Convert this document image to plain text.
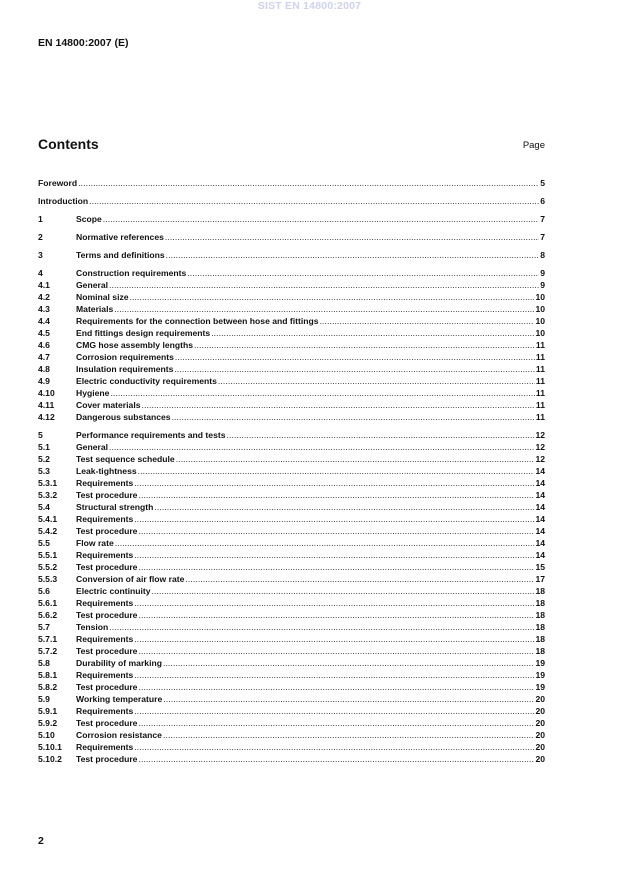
SIST EN 14800:2007
EN 14800:2007 (E)
Contents	Page
Foreword .....	5
Introduction .....	6
1	Scope .....	7
2	Normative references .....	7
3	Terms and definitions .....	8
4	Construction requirements .....	9
4.1	General .....	9
4.2	Nominal size .....	10
4.3	Materials .....	10
4.4	Requirements for the connection between hose and fittings .....	10
4.5	End fittings design requirements .....	10
4.6	CMG hose assembly lengths .....	11
4.7	Corrosion requirements .....	11
4.8	Insulation requirements .....	11
4.9	Electric conductivity requirements .....	11
4.10	Hygiene .....	11
4.11	Cover materials .....	11
4.12	Dangerous substances .....	11
5	Performance requirements and tests .....	12
5.1	General .....	12
5.2	Test sequence schedule .....	12
5.3	Leak-tightness .....	14
5.3.1	Requirements .....	14
5.3.2	Test procedure .....	14
5.4	Structural strength .....	14
5.4.1	Requirements .....	14
5.4.2	Test procedure .....	14
5.5	Flow rate .....	14
5.5.1	Requirements .....	14
5.5.2	Test procedure .....	15
5.5.3	Conversion of air flow rate .....	17
5.6	Electric continuity .....	18
5.6.1	Requirements .....	18
5.6.2	Test procedure .....	18
5.7	Tension .....	18
5.7.1	Requirements .....	18
5.7.2	Test procedure .....	18
5.8	Durability of marking .....	19
5.8.1	Requirements .....	19
5.8.2	Test procedure .....	19
5.9	Working temperature .....	20
5.9.1	Requirements .....	20
5.9.2	Test procedure .....	20
5.10	Corrosion resistance .....	20
5.10.1	Requirements .....	20
5.10.2	Test procedure .....	20
2
